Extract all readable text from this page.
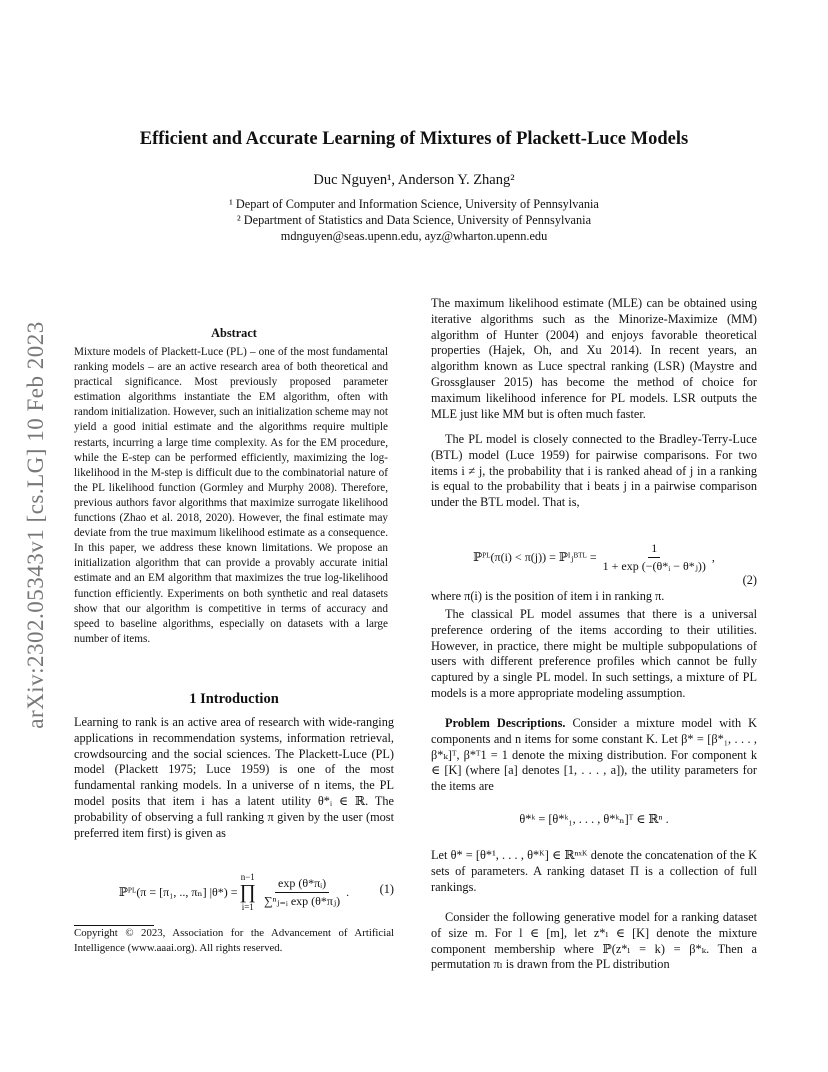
arXiv:2302.05343v1 [cs.LG] 10 Feb 2023
Efficient and Accurate Learning of Mixtures of Plackett-Luce Models
Duc Nguyen¹, Anderson Y. Zhang²
¹ Depart of Computer and Information Science, University of Pennsylvania
² Department of Statistics and Data Science, University of Pennsylvania
mdnguyen@seas.upenn.edu, ayz@wharton.upenn.edu
Abstract
Mixture models of Plackett-Luce (PL) – one of the most fundamental ranking models – are an active research area of both theoretical and practical significance. Most previously proposed parameter estimation algorithms instantiate the EM algorithm, often with random initialization. However, such an initialization scheme may not yield a good initial estimate and the algorithms require multiple restarts, incurring a large time complexity. As for the EM procedure, while the E-step can be performed efficiently, maximizing the log-likelihood in the M-step is difficult due to the combinatorial nature of the PL likelihood function (Gormley and Murphy 2008). Therefore, previous authors favor algorithms that maximize surrogate likelihood functions (Zhao et al. 2018, 2020). However, the final estimate may deviate from the true maximum likelihood estimate as a consequence. In this paper, we address these known limitations. We propose an initialization algorithm that can provide a provably accurate initial estimate and an EM algorithm that maximizes the true log-likelihood function efficiently. Experiments on both synthetic and real datasets show that our algorithm is competitive in terms of accuracy and speed to baseline algorithms, especially on datasets with a large number of items.
1 Introduction
Learning to rank is an active area of research with wide-ranging applications in recommendation systems, information retrieval, crowdsourcing and the social sciences. The Plackett-Luce (PL) model (Plackett 1975; Luce 1959) is one of the most fundamental ranking models. In a universe of n items, the PL model posits that item i has a latent utility θ*ᵢ ∈ ℝ. The probability of observing a full ranking π given by the user (most preferred item first) is given as
ℙᴾᴸ(π = [π₁, .., πₙ] |θ*) =
n−1
∏
$i=1 \frac{\text{exp (θ*πᵢ)}}{\text{∑ⁿⱼ₌ᵢ exp (θ*πⱼ)}}$ . (1)
Copyright © 2023, Association for the Advancement of Artificial Intelligence (www.aaai.org). All rights reserved.
The maximum likelihood estimate (MLE) can be obtained using iterative algorithms such as the Minorize-Maximize (MM) algorithm of Hunter (2004) and enjoys favorable theoretical properties (Hajek, Oh, and Xu 2014). In recent years, an algorithm known as Luce spectral ranking (LSR) (Maystre and Grossglauser 2015) has become the method of choice for maximum likelihood inference for PL models. LSR outputs the MLE just like MM but is often much faster.
The PL model is closely connected to the Bradley-Terry-Luce (BTL) model (Luce 1959) for pairwise comparisons. For two items i ≠ j, the probability that i is ranked ahead of j in a ranking is equal to the probability that i beats j in a pairwise comparison under the BTL model. That is,
ℙᴾᴸ(π(i) < π(j)) = ℙᴵⱼᴮᵀᴸ = $\frac{1}{\text{1 + exp (−(θ*ᵢ − θ*ⱼ))}}$ ,
(2)
where π(i) is the position of item i in ranking π.
The classical PL model assumes that there is a universal preference ordering of the items according to their utilities. However, in practice, there might be multiple subpopulations of users with different preference profiles which cannot be fully captured by a single PL model. In such settings, a mixture of PL models is a more appropriate modeling assumption.
Problem Descriptions. Consider a mixture model with K components and n items for some constant K. Let β* = [β*₁, . . . , β*ₖ]ᵀ, β*ᵀ1 = 1 denote the mixing distribution. For component k ∈ [K] (where [a] denotes [1, . . . , a]), the utility parameters for the items are
θ*ᵏ = [θ*ᵏ₁, . . . , θ*ᵏₙ]ᵀ ∈ ℝⁿ .
Let θ* = [θ*¹, . . . , θ*ᴷ] ∈ ℝⁿˣᴷ denote the concatenation of the K sets of parameters. A ranking dataset Π is a collection of full rankings.
Consider the following generative model for a ranking dataset of size m. For l ∈ [m], let z*ₗ ∈ [K] denote the mixture component membership where ℙ(z*ₗ = k) = β*ₖ. Then a permutation πₗ is drawn from the PL distribution
